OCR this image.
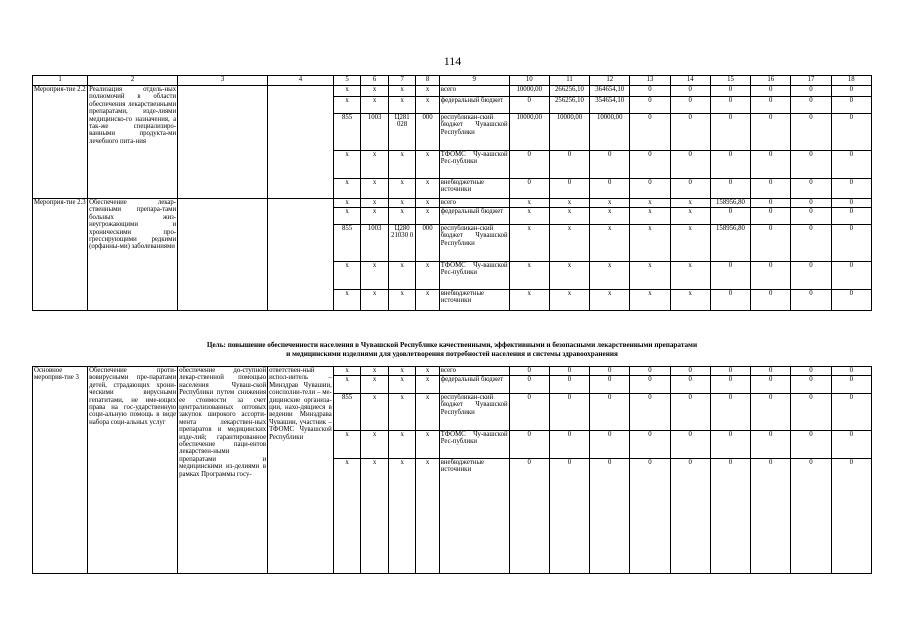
114
1	2	3	4	5	6	7	8	9	10	11	12	13	14	15	16	17	18
Мероприя-тие 2.2	Реализация отдель-ных полномочий в области обеспечения лекарственными препаратами, изде-лиями медицинско-го назначения, а так-же специализиро-ванными продукта-ми лечебного пита-ния			x	x	x	x	всего	10000,00	266256,10	364654,10	0	0	0	0	0	0
				x	x	x	x	федеральный бюджет	0	256256,10	354654,10	0	0	0	0	0	0
				855	1003	Ц281 028	000	республикан-ский бюджет Чувашской Республики	10000,00	10000,00	10000,00	0	0	0	0	0	0
				x	x	x	x	ТФОМС Чу-вашской Рес-публики	0	0	0	0	0	0	0	0	0
				x	x	x	x	внебюджетные источники	0	0	0	0	0	0	0	0	0
Мероприя-тие 2.3	Обеспечение лекар-ственными препара-тами больных жиз-неугрожающими и хроническими про-грессирующими редкими (орфанны-ми) заболеваниями			x	x	x	x	всего	x	x	x	x	x	158956,80	0	0	0
				x	x	x	x	федеральный бюджет	x	x	x	x	x	0	0	0	0
				855	1003	Ц280 21030 0	000	республикан-ский бюджет Чувашской Республики	x	x	x	x	x	158956,80	0	0	0
				x	x	x	x	ТФОМС Чу-вашской Рес-публики	x	x	x	x	x	0	0	0	0
				x	x	x	x	внебюджетные источники	x	x	x	x	x	0	0	0	0
Цель: повышение обеспеченности населения в Чувашской Республике качественными, эффективными и безопасными лекарственными препаратами
и медицинскими изделиями для удовлетворения потребностей населения и системы здравоохранения
Основное мероприя-тие 3	Обеспечение проти-вовирусными пре-паратами детей, страдающих хрони-ческими вирусными гепатитами, не име-ющих права на гос-ударственную соци-альную помощь в виде набора соци-альных услуг	обеспечение до-ступной лекар-ственной помощью населения Чуваш-ской Республики путем снижения ее стоимости за счет централизованных оптовых закупок широкого ассорти-мента лекарствен-ных препаратов и медицинских изде-лий; гарантированное обеспечение паци-ентов лекарствен-ными препаратами и медицинскими из-делиями в рамках Программы госу-	ответствен-ный испол-нитель – Минздрав Чувашии, соисполни-тели – ме-дицинские организа-ции, нахо-дящиеся в ведении Минздрава Чувашии, участник – ТФОМС Чувашской Республики	x	x	x	x	всего	0	0	0	0	0	0	0	0	0
				x	x	x	x	федеральный бюджет	0	0	0	0	0	0	0	0	0
				855	x	x	x	республикан-ский бюджет Чувашской Республики	0	0	0	0	0	0	0	0	0
				x	x	x	x	ТФОМС Чу-вашской Рес-публики	0	0	0	0	0	0	0	0	0
				x	x	x	x	внебюджетные источники	0	0	0	0	0	0	0	0	0
